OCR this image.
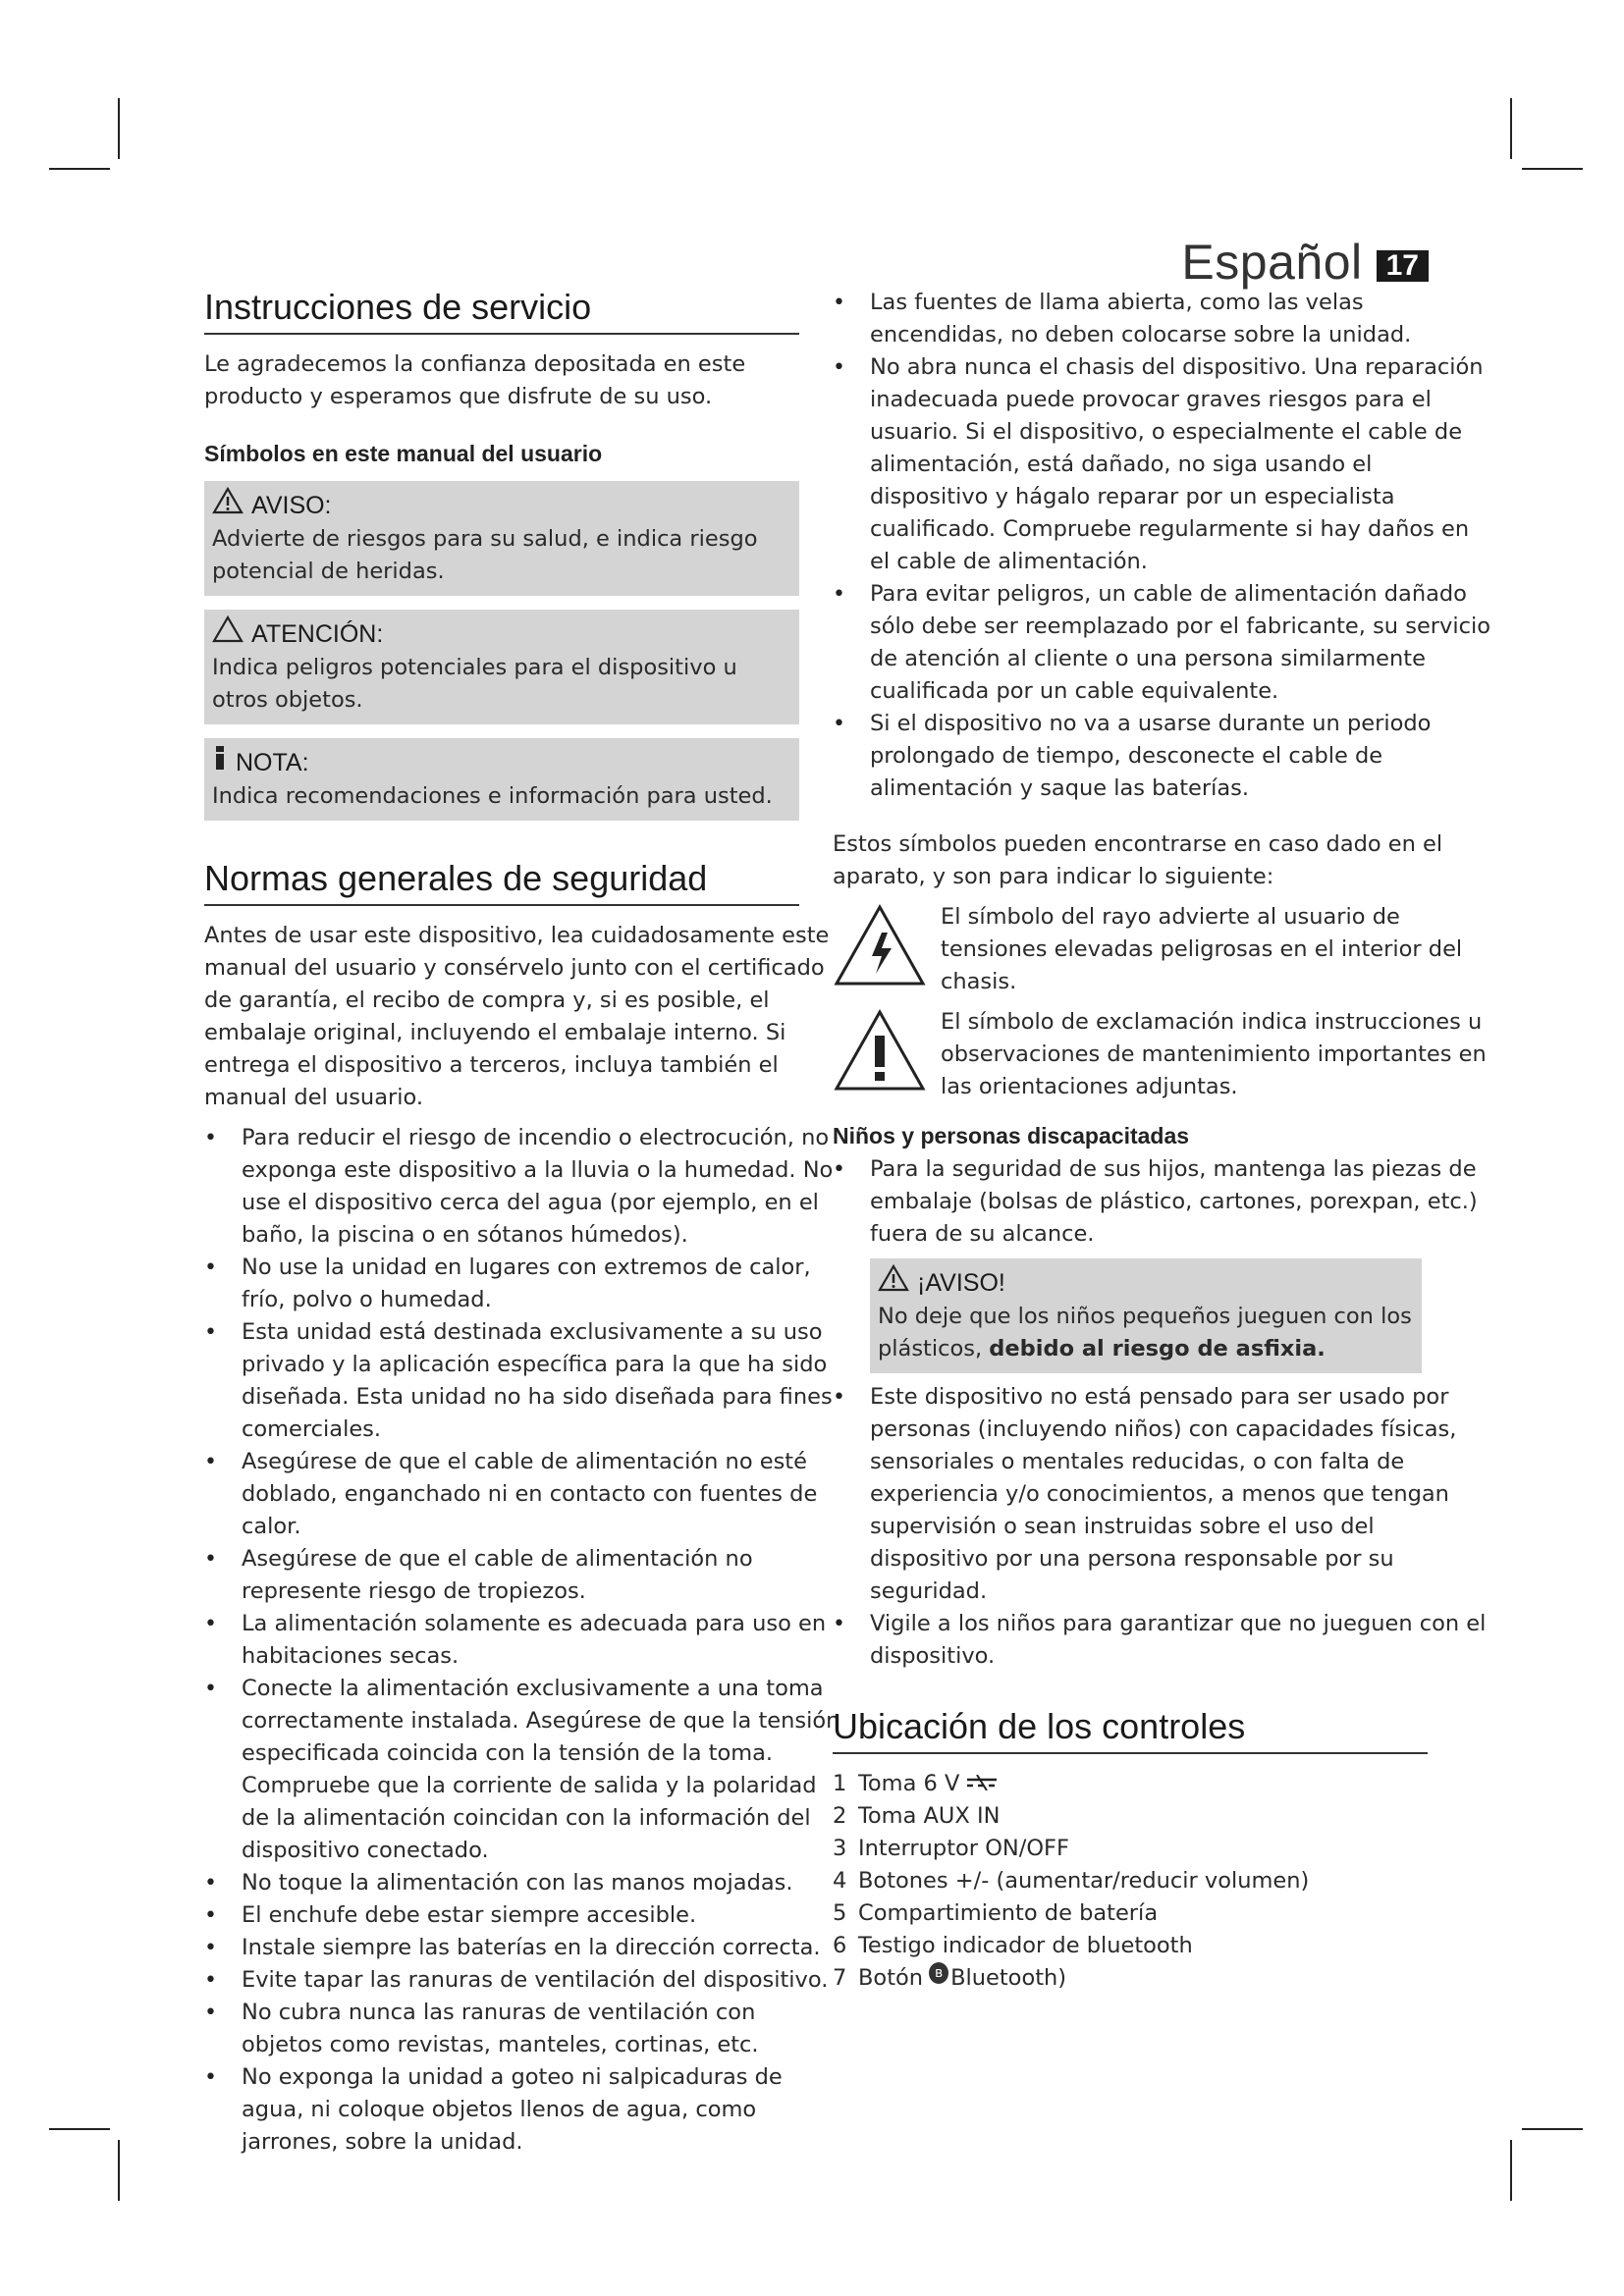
Español 17
Instrucciones de servicio

Le agradecemos la confianza depositada en este producto y esperamos que disfrute de su uso.

Símbolos en este manual del usuario
AVISO:
Advierte de riesgos para su salud, e indica riesgo potencial de heridas.
ATENCIÓN:
Indica peligros potenciales para el dispositivo u otros objetos.
NOTA:
Indica recomendaciones e información para usted.
Normas generales de seguridad

Antes de usar este dispositivo, lea cuidadosamente este manual del usuario y consérvelo junto con el certificado de garantía, el recibo de compra y, si es posible, el embalaje original, incluyendo el embalaje interno. Si entrega el dispositivo a terceros, incluya también el manual del usuario.

• Para reducir el riesgo de incendio o electrocución, no exponga este dispositivo a la lluvia o la humedad. No use el dispositivo cerca del agua (por ejemplo, en el baño, la piscina o en sótanos húmedos).
• No use la unidad en lugares con extremos de calor, frío, polvo o humedad.
• Esta unidad está destinada exclusivamente a su uso privado y la aplicación específica para la que ha sido diseñada. Esta unidad no ha sido diseñada para fines comerciales.
• Asegúrese de que el cable de alimentación no esté doblado, enganchado ni en contacto con fuentes de calor.
• Asegúrese de que el cable de alimentación no represente riesgo de tropiezos.
• La alimentación solamente es adecuada para uso en habitaciones secas.
• Conecte la alimentación exclusivamente a una toma correctamente instalada. Asegúrese de que la tensión especificada coincida con la tensión de la toma. Compruebe que la corriente de salida y la polaridad de la alimentación coincidan con la información del dispositivo conectado.
• No toque la alimentación con las manos mojadas.
• El enchufe debe estar siempre accesible.
• Instale siempre las baterías en la dirección correcta.
• Evite tapar las ranuras de ventilación del dispositivo.
• No cubra nunca las ranuras de ventilación con objetos como revistas, manteles, cortinas, etc.
• No exponga la unidad a goteo ni salpicaduras de agua, ni coloque objetos llenos de agua, como jarrones, sobre la unidad.
• Las fuentes de llama abierta, como las velas encendidas, no deben colocarse sobre la unidad.
• No abra nunca el chasis del dispositivo. Una reparación inadecuada puede provocar graves riesgos para el usuario. Si el dispositivo, o especialmente el cable de alimentación, está dañado, no siga usando el dispositivo y hágalo reparar por un especialista cualificado. Compruebe regularmente si hay daños en el cable de alimentación.
• Para evitar peligros, un cable de alimentación dañado sólo debe ser reemplazado por el fabricante, su servicio de atención al cliente o una persona similarmente cualificada por un cable equivalente.
• Si el dispositivo no va a usarse durante un periodo prolongado de tiempo, desconecte el cable de alimentación y saque las baterías.

Estos símbolos pueden encontrarse en caso dado en el aparato, y son para indicar lo siguiente:

El símbolo del rayo advierte al usuario de tensiones elevadas peligrosas en el interior del chasis.
El símbolo de exclamación indica instrucciones u observaciones de mantenimiento importantes en las orientaciones adjuntas.
Niños y personas discapacitadas
• Para la seguridad de sus hijos, mantenga las piezas de embalaje (bolsas de plástico, cartones, porexpan, etc.) fuera de su alcance.
¡AVISO!
No deje que los niños pequeños jueguen con los plásticos, debido al riesgo de asfixia.
• Este dispositivo no está pensado para ser usado por personas (incluyendo niños) con capacidades físicas, sensoriales o mentales reducidas, o con falta de experiencia y/o conocimientos, a menos que tengan supervisión o sean instruidas sobre el uso del dispositivo por una persona responsable por su seguridad.
• Vigile a los niños para garantizar que no jueguen con el dispositivo.
Ubicación de los controles
1 Toma 6 V
2 Toma AUX IN
3 Interruptor ON/OFF
4 Botones +/- (aumentar/reducir volumen)
5 Compartimiento de batería
6 Testigo indicador de bluetooth
7 Botón ʙ Bluetooth)
